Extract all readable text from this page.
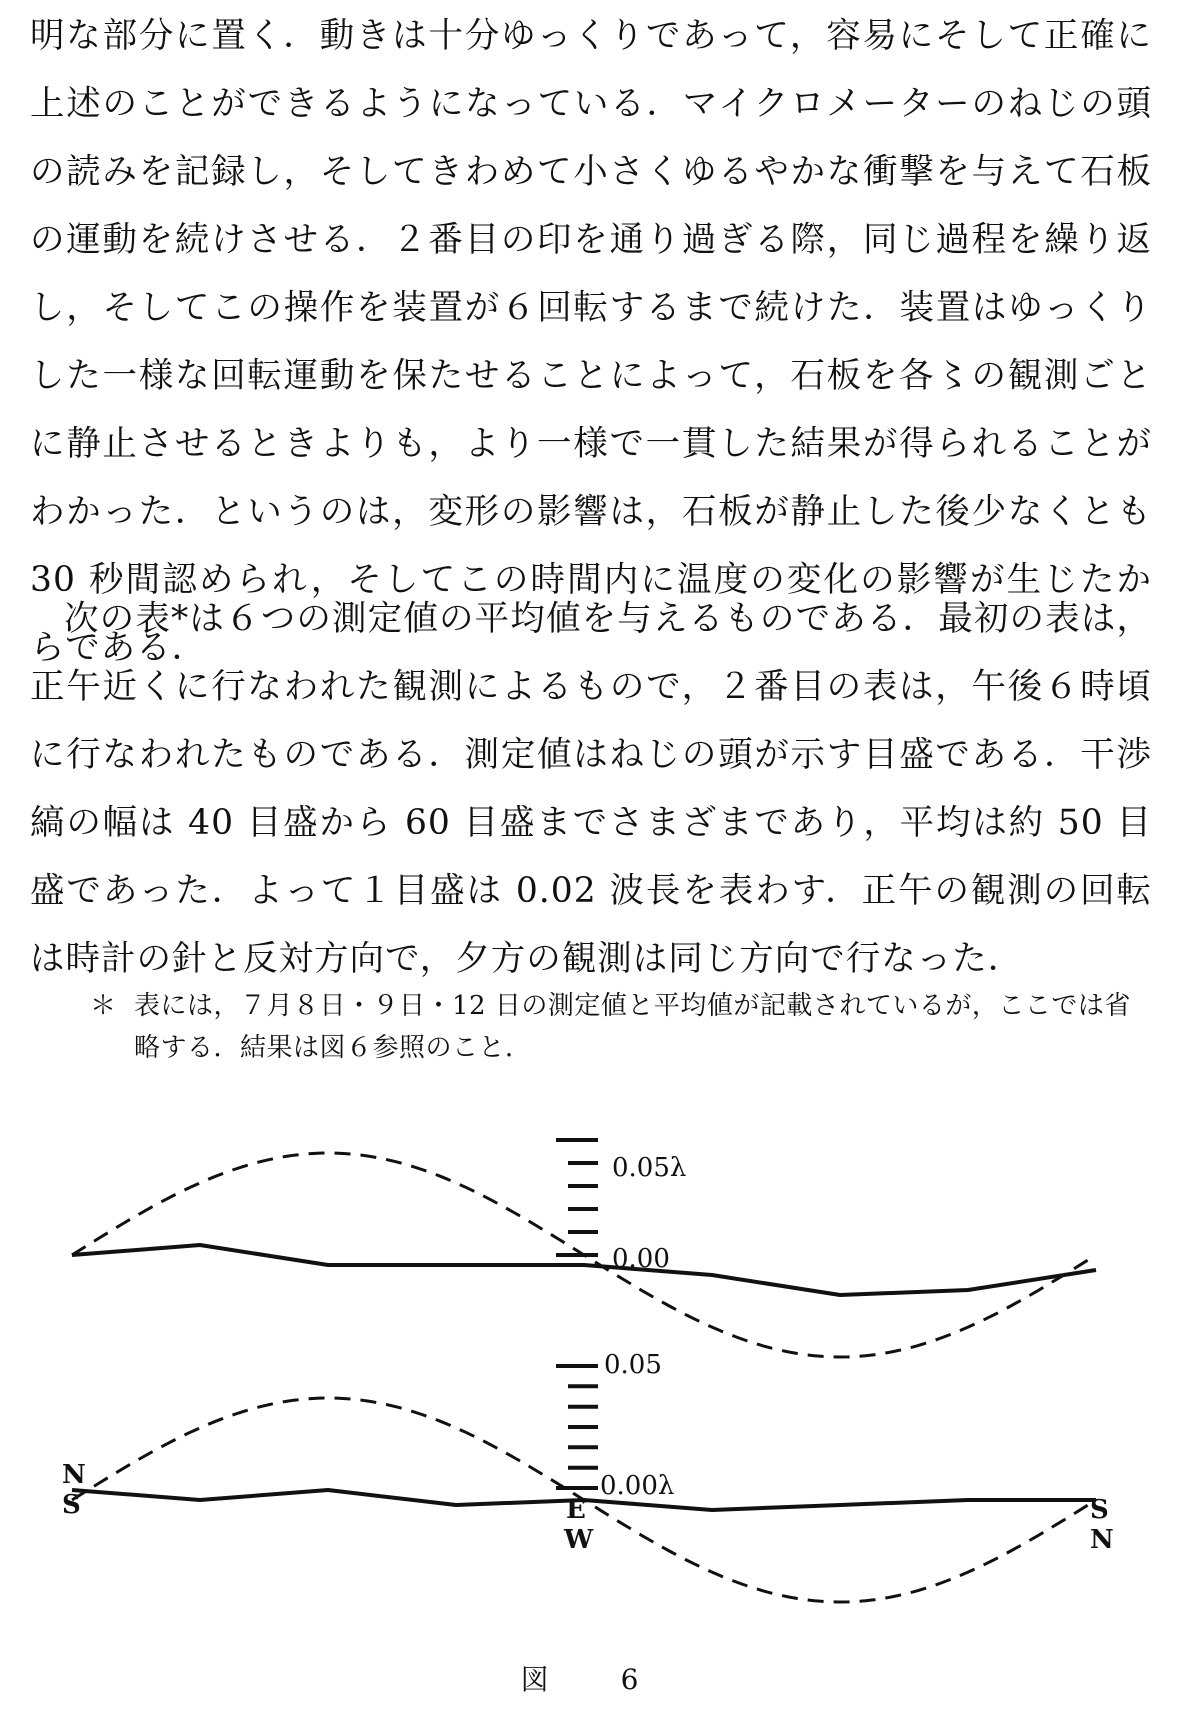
明な部分に置く．動きは十分ゆっくりであって，容易にそして正確に上述のことができるようになっている．マイクロメーターのねじの頭の読みを記録し，そしてきわめて小さくゆるやかな衝撃を与えて石板の運動を続けさせる．２番目の印を通り過ぎる際，同じ過程を繰り返し，そしてこの操作を装置が６回転するまで続けた．装置はゆっくりした一様な回転運動を保たせることによって，石板を各〻の観測ごとに静止させるときよりも，より一様で一貫した結果が得られることがわかった．というのは，変形の影響は，石板が静止した後少なくとも 30 秒間認められ，そしてこの時間内に温度の変化の影響が生じたからである．

次の表*は６つの測定値の平均値を与えるものである．最初の表は，正午近くに行なわれた観測によるもので，２番目の表は，午後６時頃に行なわれたものである．測定値はねじの頭が示す目盛である．干渉縞の幅は 40 目盛から 60 目盛までさまざまであり，平均は約 50 目盛であった．よって１目盛は 0.02 波長を表わす．正午の観測の回転は時計の針と反対方向で，夕方の観測は同じ方向で行なった．

＊ 表には，７月８日・９日・12 日の測定値と平均値が記載されているが，ここでは省略する．結果は図６参照のこと．
0.05λ
0.00
0.05
0.00λ
N
S	E
W
S
N
図　6
